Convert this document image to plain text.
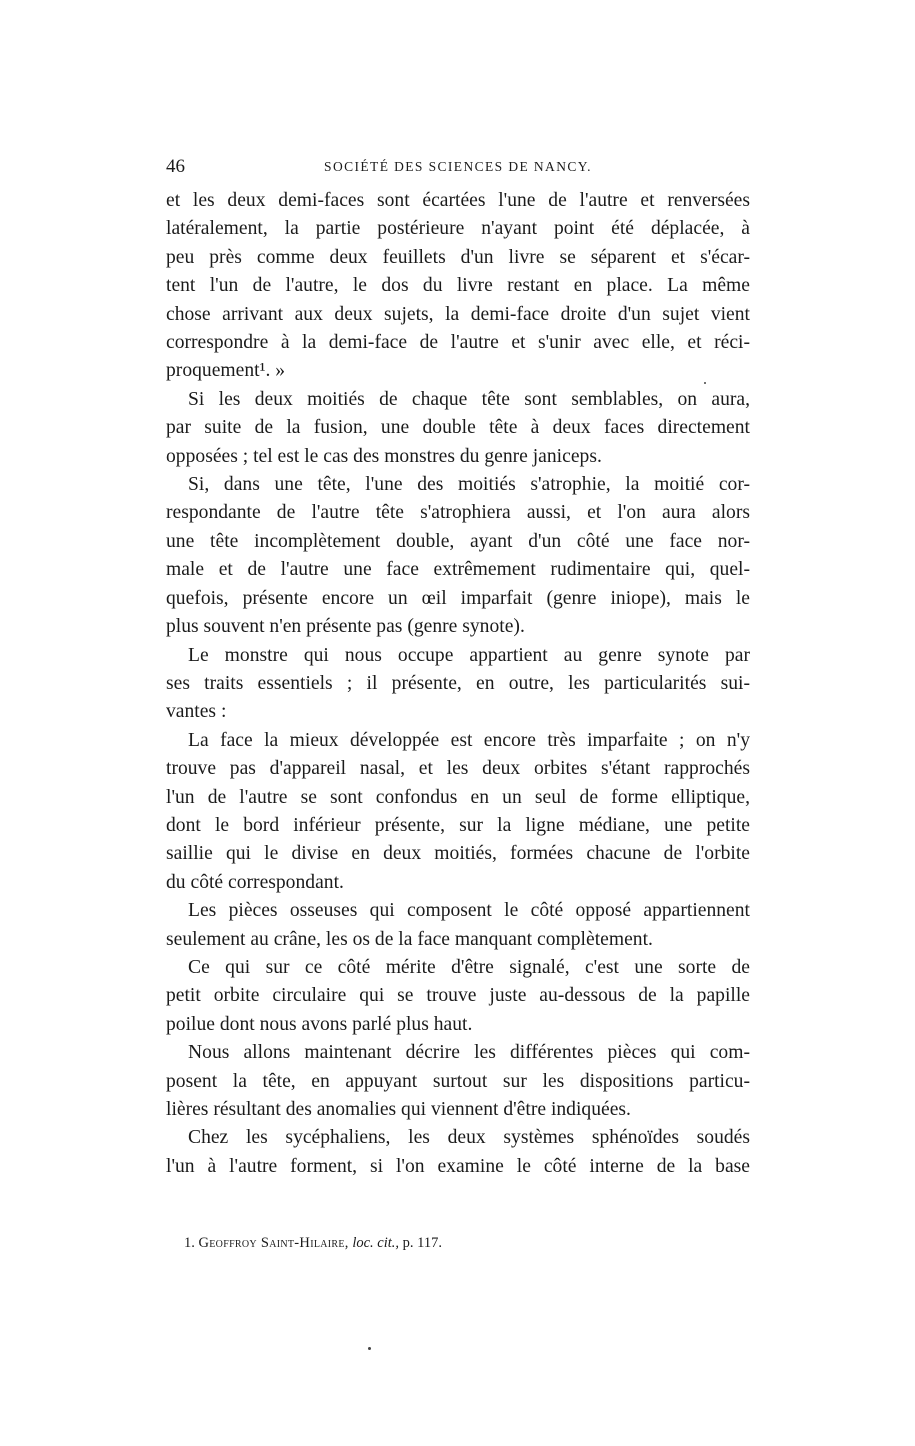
46	SOCIÉTÉ DES SCIENCES DE NANCY.
et les deux demi-faces sont écartées l'une de l'autre et renversées
latéralement, la partie postérieure n'ayant point été déplacée, à
peu près comme deux feuillets d'un livre se séparent et s'écar-
tent l'un de l'autre, le dos du livre restant en place. La même
chose arrivant aux deux sujets, la demi-face droite d'un sujet vient
correspondre à la demi-face de l'autre et s'unir avec elle, et réci-
proquement¹. »
Si les deux moitiés de chaque tête sont semblables, on aura,
par suite de la fusion, une double tête à deux faces directement
opposées ; tel est le cas des monstres du genre janiceps.
Si, dans une tête, l'une des moitiés s'atrophie, la moitié cor-
respondante de l'autre tête s'atrophiera aussi, et l'on aura alors
une tête incomplètement double, ayant d'un côté une face nor-
male et de l'autre une face extrêmement rudimentaire qui, quel-
quefois, présente encore un œil imparfait (genre iniope), mais le
plus souvent n'en présente pas (genre synote).
Le monstre qui nous occupe appartient au genre synote par
ses traits essentiels ; il présente, en outre, les particularités sui-
vantes :
La face la mieux développée est encore très imparfaite ; on n'y
trouve pas d'appareil nasal, et les deux orbites s'étant rapprochés
l'un de l'autre se sont confondus en un seul de forme elliptique,
dont le bord inférieur présente, sur la ligne médiane, une petite
saillie qui le divise en deux moitiés, formées chacune de l'orbite
du côté correspondant.
Les pièces osseuses qui composent le côté opposé appartiennent
seulement au crâne, les os de la face manquant complètement.
Ce qui sur ce côté mérite d'être signalé, c'est une sorte de
petit orbite circulaire qui se trouve juste au-dessous de la papille
poilue dont nous avons parlé plus haut.
Nous allons maintenant décrire les différentes pièces qui com-
posent la tête, en appuyant surtout sur les dispositions particu-
lières résultant des anomalies qui viennent d'être indiquées.
Chez les sycéphaliens, les deux systèmes sphénoïdes soudés
l'un à l'autre forment, si l'on examine le côté interne de la base
1. Geoffroy Saint-Hilaire, loc. cit., p. 117.
